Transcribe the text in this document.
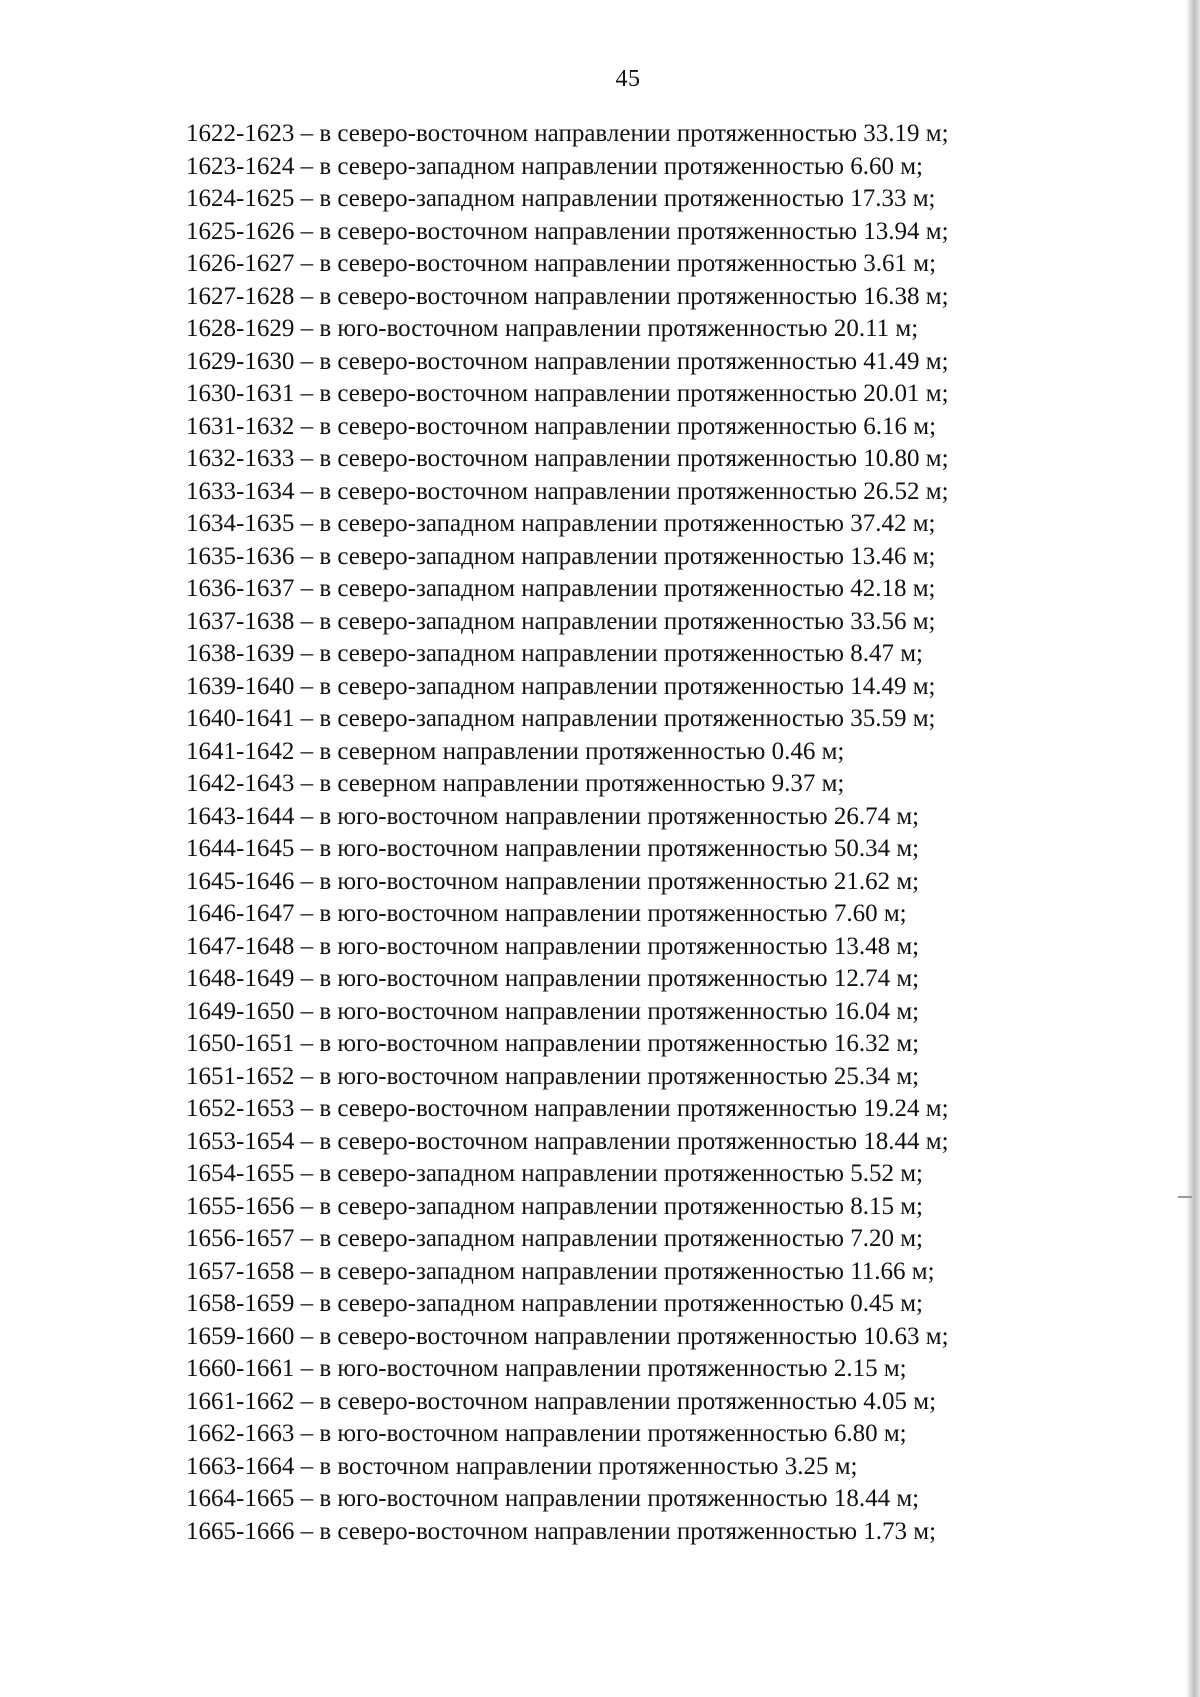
45
1622-1623 – в северо-восточном направлении протяженностью 33.19 м;
1623-1624 – в северо-западном направлении протяженностью 6.60 м;
1624-1625 – в северо-западном направлении протяженностью 17.33 м;
1625-1626 – в северо-восточном направлении протяженностью 13.94 м;
1626-1627 – в северо-восточном направлении протяженностью 3.61 м;
1627-1628 – в северо-восточном направлении протяженностью 16.38 м;
1628-1629 – в юго-восточном направлении протяженностью 20.11 м;
1629-1630 – в северо-восточном направлении протяженностью 41.49 м;
1630-1631 – в северо-восточном направлении протяженностью 20.01 м;
1631-1632 – в северо-восточном направлении протяженностью 6.16 м;
1632-1633 – в северо-восточном направлении протяженностью 10.80 м;
1633-1634 – в северо-восточном направлении протяженностью 26.52 м;
1634-1635 – в северо-западном направлении протяженностью 37.42 м;
1635-1636 – в северо-западном направлении протяженностью 13.46 м;
1636-1637 – в северо-западном направлении протяженностью 42.18 м;
1637-1638 – в северо-западном направлении протяженностью 33.56 м;
1638-1639 – в северо-западном направлении протяженностью 8.47 м;
1639-1640 – в северо-западном направлении протяженностью 14.49 м;
1640-1641 – в северо-западном направлении протяженностью 35.59 м;
1641-1642 – в северном направлении протяженностью 0.46 м;
1642-1643 – в северном направлении протяженностью 9.37 м;
1643-1644 – в юго-восточном направлении протяженностью 26.74 м;
1644-1645 – в юго-восточном направлении протяженностью 50.34 м;
1645-1646 – в юго-восточном направлении протяженностью 21.62 м;
1646-1647 – в юго-восточном направлении протяженностью 7.60 м;
1647-1648 – в юго-восточном направлении протяженностью 13.48 м;
1648-1649 – в юго-восточном направлении протяженностью 12.74 м;
1649-1650 – в юго-восточном направлении протяженностью 16.04 м;
1650-1651 – в юго-восточном направлении протяженностью 16.32 м;
1651-1652 – в юго-восточном направлении протяженностью 25.34 м;
1652-1653 – в северо-восточном направлении протяженностью 19.24 м;
1653-1654 – в северо-восточном направлении протяженностью 18.44 м;
1654-1655 – в северо-западном направлении протяженностью 5.52 м;
1655-1656 – в северо-западном направлении протяженностью 8.15 м;
1656-1657 – в северо-западном направлении протяженностью 7.20 м;
1657-1658 – в северо-западном направлении протяженностью 11.66 м;
1658-1659 – в северо-западном направлении протяженностью 0.45 м;
1659-1660 – в северо-восточном направлении протяженностью 10.63 м;
1660-1661 – в юго-восточном направлении протяженностью 2.15 м;
1661-1662 – в северо-восточном направлении протяженностью 4.05 м;
1662-1663 – в юго-восточном направлении протяженностью 6.80 м;
1663-1664 – в восточном направлении протяженностью 3.25 м;
1664-1665 – в юго-восточном направлении протяженностью 18.44 м;
1665-1666 – в северо-восточном направлении протяженностью 1.73 м;
